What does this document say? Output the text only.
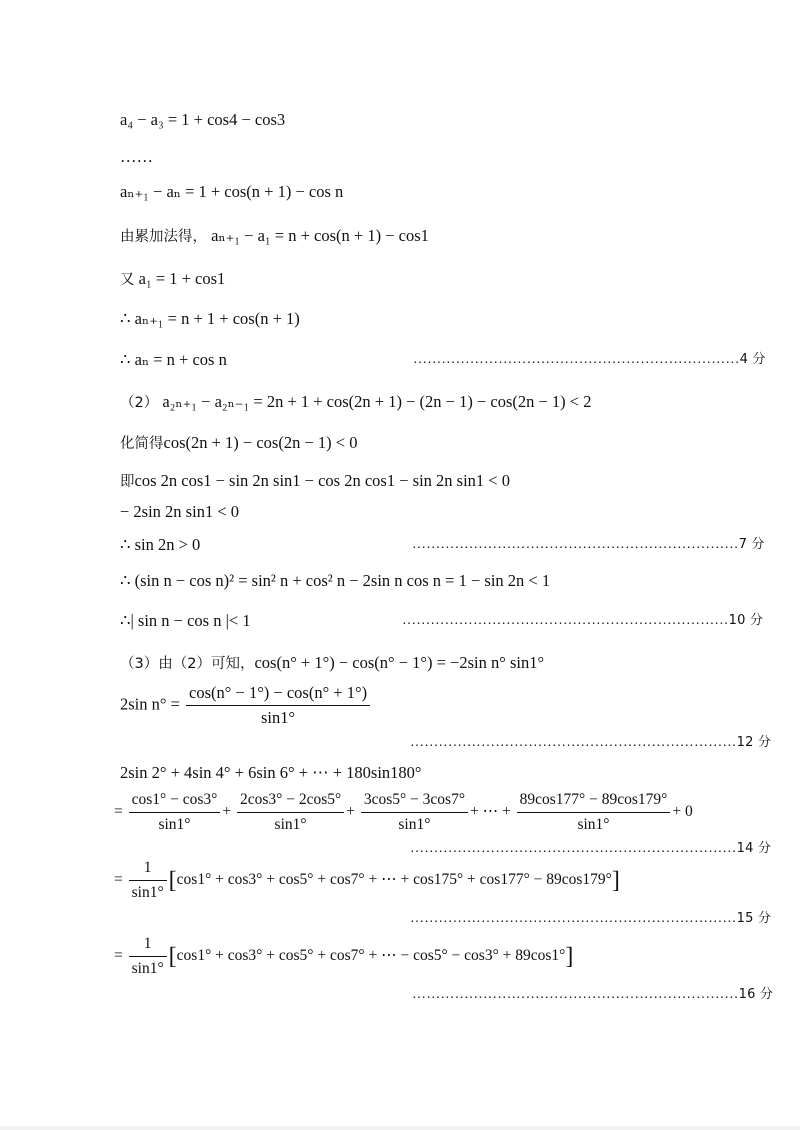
a₄ − a₃ = 1 + cos4 − cos3
……
aₙ₊₁ − aₙ = 1 + cos(n + 1) − cos n
由累加法得， aₙ₊₁ − a₁ = n + cos(n + 1) − cos1
又 a₁ = 1 + cos1
∴ aₙ₊₁ = n + 1 + cos(n + 1)
∴ aₙ = n + cos n	……………………………………………………………4 分
（2） a₂ₙ₊₁ − a₂ₙ₋₁ = 2n + 1 + cos(2n + 1) − (2n − 1) − cos(2n − 1) < 2
化简得cos(2n + 1) − cos(2n − 1) < 0
即cos 2n cos1 − sin 2n sin1 − cos 2n cos1 − sin 2n sin1 < 0
− 2sin 2n sin1 < 0
∴ sin 2n > 0	……………………………………………………………7 分
∴ (sin n − cos n)² = sin² n + cos² n − 2sin n cos n = 1 − sin 2n < 1
∴| sin n − cos n |< 1	……………………………………………………………10 分
（3）由（2）可知，cos(n° + 1°) − cos(n° − 1°) = −2sin n° sin1°
2sin $n^\circ = \frac{\cos(n^\circ - 1^\circ) - \cos(n^\circ + 1^\circ)}{\sin 1^\circ}$
……………………………………………………………12 分
2sin 2° + 4sin 4° + 6sin 6° + ⋯ + 180sin180°
= $\frac{\cos 1^\circ - \cos 3^\circ}{\sin 1^\circ} + \frac{2\cos 3^\circ - 2\cos 5^\circ}{\sin 1^\circ} + \frac{3\cos 5^\circ - 3\cos 7^\circ}{\sin 1^\circ}$ + ⋯ + $\frac{89\cos 177^\circ - 89\cos 179^\circ}{\sin 1^\circ} + 0$
……………………………………………………………14 分
= $\frac{1}{\sin 1^\circ} [\cos 1^\circ + \cos 3^\circ + \cos 5^\circ + \cos 7^\circ$ + ⋯ + cos175° + cos177° − 89cos179°]
……………………………………………………………15 分
= $\frac{1}{\sin 1^\circ} [\cos 1^\circ + \cos 3^\circ + \cos 5^\circ + \cos 7^\circ$ + ⋯ − cos5° − cos3° + 89cos1°]
……………………………………………………………16 分
